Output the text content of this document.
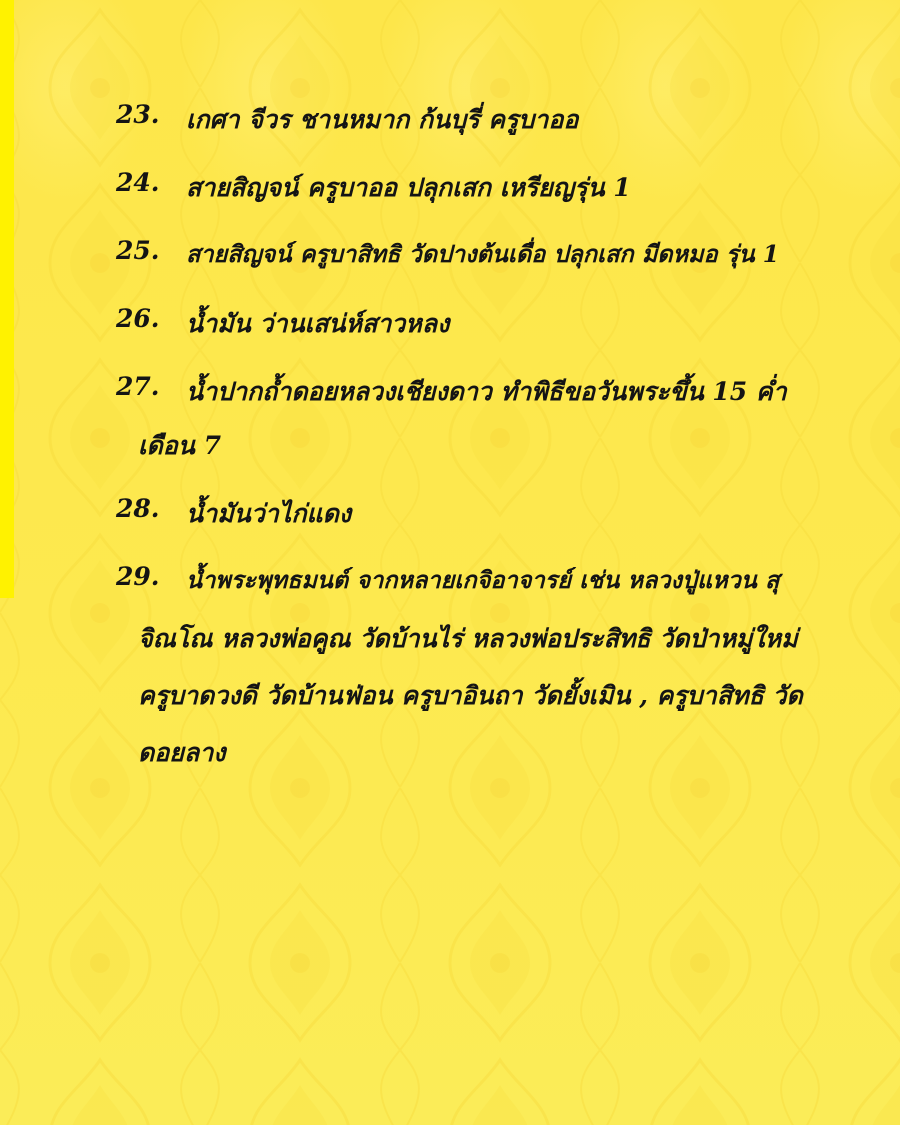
23. เกศา จีวร ชานหมาก ก้นบุรี่ ครูบาออ
24. สายสิญจน์ ครูบาออ ปลุกเสก เหรียญรุ่น 1
25. สายสิญจน์ ครูบาสิทธิ วัดปางต้นเดื่อ ปลุกเสก มีดหมอ รุ่น 1
26. น้ำมัน ว่านเสน่ห์สาวหลง
27. น้ำปากถ้ำดอยหลวงเชียงดาว ทำพิธีขอวันพระขึ้น 15 ค่ำ
เดือน 7
28. น้ำมันว่าไก่แดง
29. น้ำพระพุทธมนต์ จากหลายเกจิอาจารย์ เช่น หลวงปู่แหวน สุ
จิณโณ หลวงพ่อคูณ วัดบ้านไร่ หลวงพ่อประสิทธิ วัดป่าหมู่ใหม่
ครูบาดวงดี วัดบ้านฟ่อน ครูบาอินถา วัดยั้งเมิน , ครูบาสิทธิ วัด
ดอยลาง
